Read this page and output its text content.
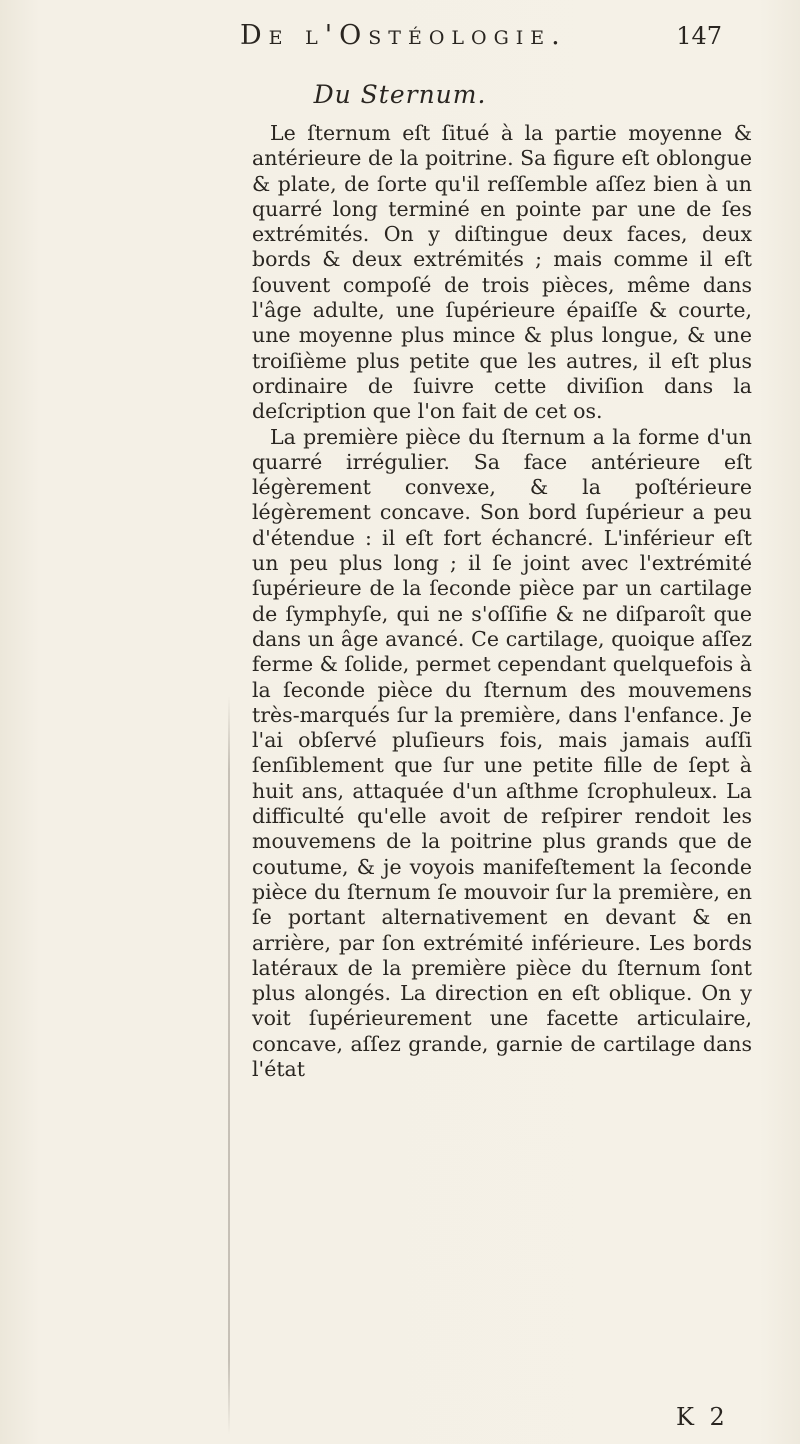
De l'Ostéologie.	147
Du Sternum.

Le ſternum eſt ſitué à la partie moyenne & antérieure de la poitrine. Sa figure eſt oblongue & plate, de ſorte qu'il reſſemble aſſez bien à un quarré long terminé en pointe par une de ſes extrémités. On y diſtingue deux faces, deux bords & deux extrémités ; mais comme il eſt ſouvent compoſé de trois pièces, même dans l'âge adulte, une ſupérieure épaiſſe & courte, une moyenne plus mince & plus longue, & une troiſième plus petite que les autres, il eſt plus ordinaire de ſuivre cette diviſion dans la deſcription que l'on fait de cet os.

La première pièce du ſternum a la forme d'un quarré irrégulier. Sa face antérieure eſt légèrement convexe, & la poſtérieure légèrement concave. Son bord ſupérieur a peu d'étendue : il eſt fort échancré. L'inférieur eſt un peu plus long ; il ſe joint avec l'extrémité ſupérieure de la ſeconde pièce par un cartilage de ſymphyſe, qui ne s'oſſifie & ne diſparoît que dans un âge avancé. Ce cartilage, quoique aſſez ferme & ſolide, permet cependant quelquefois à la ſeconde pièce du ſternum des mouvemens très-marqués ſur la première, dans l'enfance. Je l'ai obſervé pluſieurs fois, mais jamais auſſi ſenſiblement que ſur une petite fille de ſept à huit ans, attaquée d'un aſthme ſcrophuleux. La difficulté qu'elle avoit de reſpirer rendoit les mouvemens de la poitrine plus grands que de coutume, & je voyois manifeſtement la ſeconde pièce du ſternum ſe mouvoir ſur la première, en ſe portant alternativement en devant & en arrière, par ſon extrémité inférieure. Les bords latéraux de la première pièce du ſternum ſont plus alongés. La direction en eſt oblique. On y voit ſupérieurement une facette articulaire, concave, aſſez grande, garnie de cartilage dans l'état

K 2
